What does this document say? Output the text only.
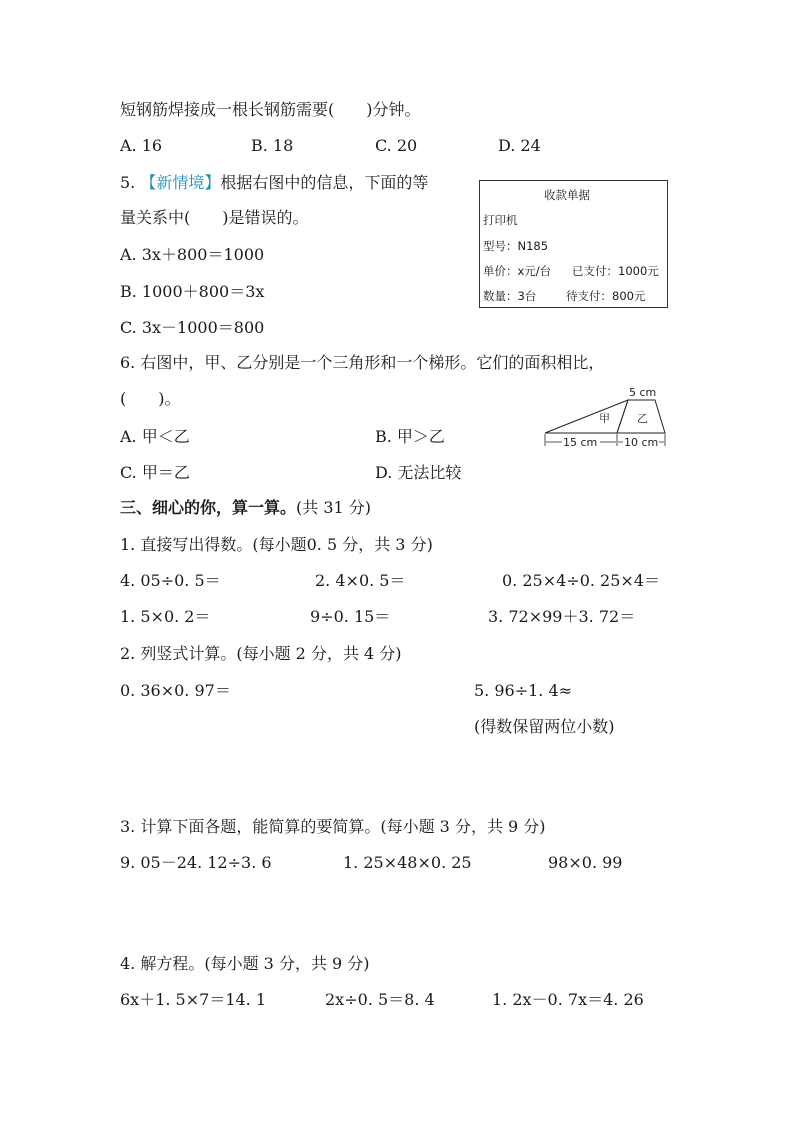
短钢筋焊接成一根长钢筋需要(　　)分钟。
A. 16	B. 18	C. 20	D. 24
5. 【新情境】根据右图中的信息，下面的等
量关系中(　　)是错误的。
A. 3x＋800＝1000
B. 1000＋800＝3x
C. 3x－1000＝800
收款单据
打印机
型号：N185
单价：x元/台 已支付：1000元
数量：3台	待支付：800元
6. 右图中，甲、乙分别是一个三角形和一个梯形。它们的面积相比，
(　　)。
A. 甲＜乙	B. 甲＞乙
C. 甲＝乙	D. 无法比较
5 cm
甲 乙
15 cm 10 cm
三、细心的你，算一算。(共 31 分)
1. 直接写出得数。(每小题0. 5 分，共 3 分)
4. 05÷0. 5＝	2. 4×0. 5＝	0. 25×4÷0. 25×4＝
1. 5×0. 2＝	9÷0. 15＝	3. 72×99＋3. 72＝
2. 列竖式计算。(每小题 2 分，共 4 分)
0. 36×0. 97＝	5. 96÷1. 4≈
(得数保留两位小数)
3. 计算下面各题，能简算的要简算。(每小题 3 分，共 9 分)
9. 05－24. 12÷3. 6	1. 25×48×0. 25	98×0. 99
4. 解方程。(每小题 3 分，共 9 分)
6x＋1. 5×7＝14. 1	2x÷0. 5＝8. 4	1. 2x－0. 7x＝4. 26
